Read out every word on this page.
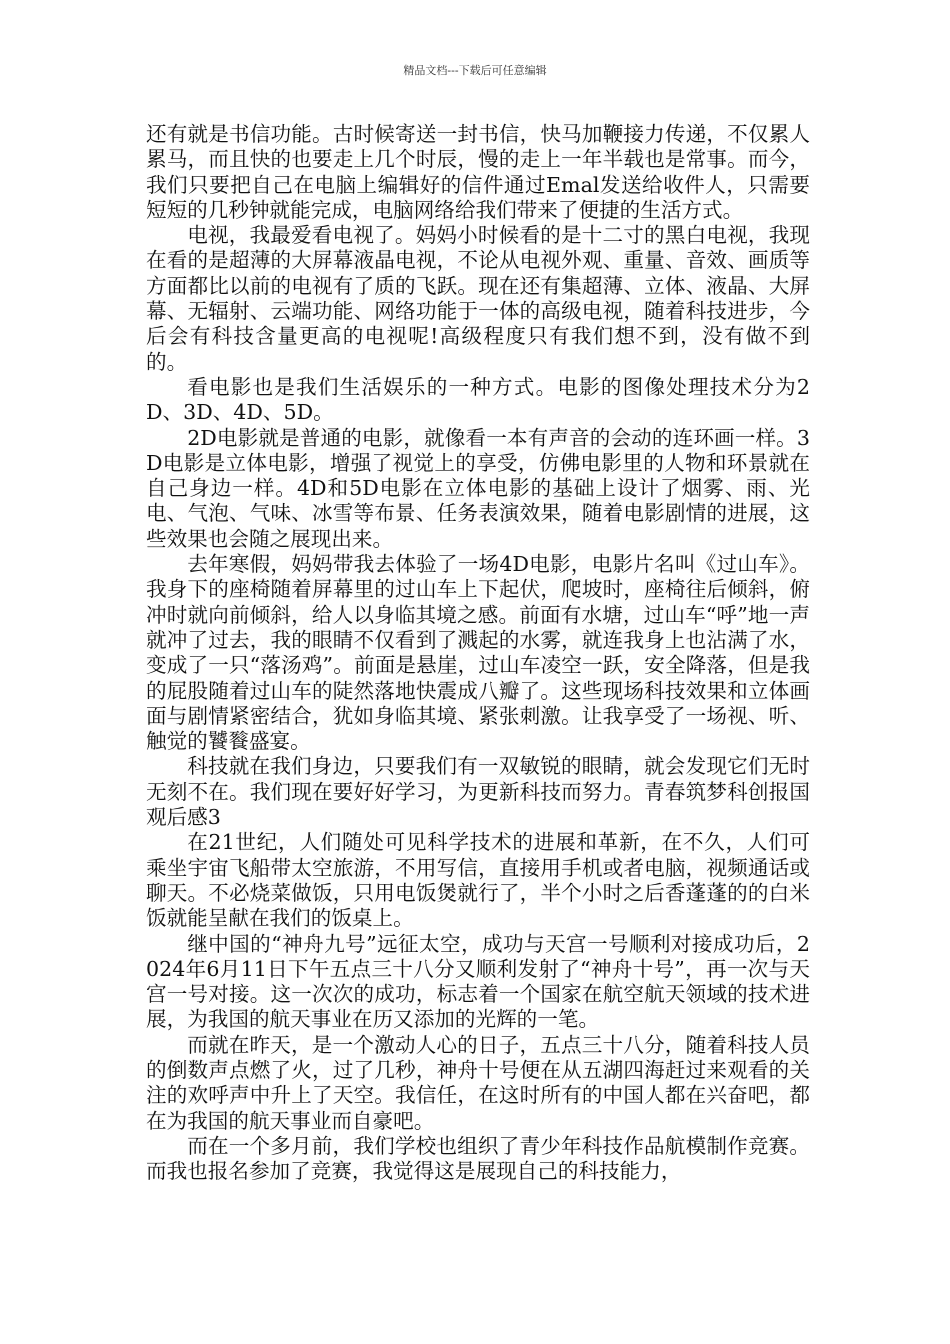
精品文档---下载后可任意编辑

还有就是书信功能。古时候寄送一封书信，快马加鞭接力传递，不仅累人累马，而且快的也要走上几个时辰，慢的走上一年半载也是常事。而今，我们只要把自己在电脑上编辑好的信件通过Emal发送给收件人，只需要短短的几秒钟就能完成，电脑网络给我们带来了便捷的生活方式。

电视，我最爱看电视了。妈妈小时候看的是十二寸的黑白电视，我现在看的是超薄的大屏幕液晶电视，不论从电视外观、重量、音效、画质等方面都比以前的电视有了质的飞跃。现在还有集超薄、立体、液晶、大屏幕、无辐射、云端功能、网络功能于一体的高级电视，随着科技进步，今后会有科技含量更高的电视呢!高级程度只有我们想不到，没有做不到的。

看电影也是我们生活娱乐的一种方式。电影的图像处理技术分为2D、3D、4D、5D。

2D电影就是普通的电影，就像看一本有声音的会动的连环画一样。3D电影是立体电影，增强了视觉上的享受，仿佛电影里的人物和环景就在自己身边一样。4D和5D电影在立体电影的基础上设计了烟雾、雨、光电、气泡、气味、冰雪等布景、任务表演效果，随着电影剧情的进展，这些效果也会随之展现出来。

去年寒假，妈妈带我去体验了一场4D电影，电影片名叫《过山车》。我身下的座椅随着屏幕里的过山车上下起伏，爬坡时，座椅往后倾斜，俯冲时就向前倾斜，给人以身临其境之感。前面有水塘，过山车“呼”地一声就冲了过去，我的眼睛不仅看到了溅起的水雾，就连我身上也沾满了水，变成了一只“落汤鸡”。前面是悬崖，过山车凌空一跃，安全降落，但是我的屁股随着过山车的陡然落地快震成八瓣了。这些现场科技效果和立体画面与剧情紧密结合，犹如身临其境、紧张刺激。让我享受了一场视、听、触觉的饕餮盛宴。

科技就在我们身边，只要我们有一双敏锐的眼睛，就会发现它们无时无刻不在。我们现在要好好学习，为更新科技而努力。青春筑梦科创报国观后感3

在21世纪，人们随处可见科学技术的进展和革新，在不久，人们可乘坐宇宙飞船带太空旅游，不用写信，直接用手机或者电脑，视频通话或聊天。不必烧菜做饭，只用电饭煲就行了，半个小时之后香蓬蓬的的白米饭就能呈献在我们的饭桌上。

继中国的“神舟九号”远征太空，成功与天宫一号顺利对接成功后，2024年6月11日下午五点三十八分又顺利发射了“神舟十号”，再一次与天宫一号对接。这一次次的成功，标志着一个国家在航空航天领域的技术进展，为我国的航天事业在历又添加的光辉的一笔。

而就在昨天，是一个激动人心的日子，五点三十八分，随着科技人员的倒数声点燃了火，过了几秒，神舟十号便在从五湖四海赶过来观看的关注的欢呼声中升上了天空。我信任，在这时所有的中国人都在兴奋吧，都在为我国的航天事业而自豪吧。

而在一个多月前，我们学校也组织了青少年科技作品航模制作竞赛。而我也报名参加了竞赛，我觉得这是展现自己的科技能力，
